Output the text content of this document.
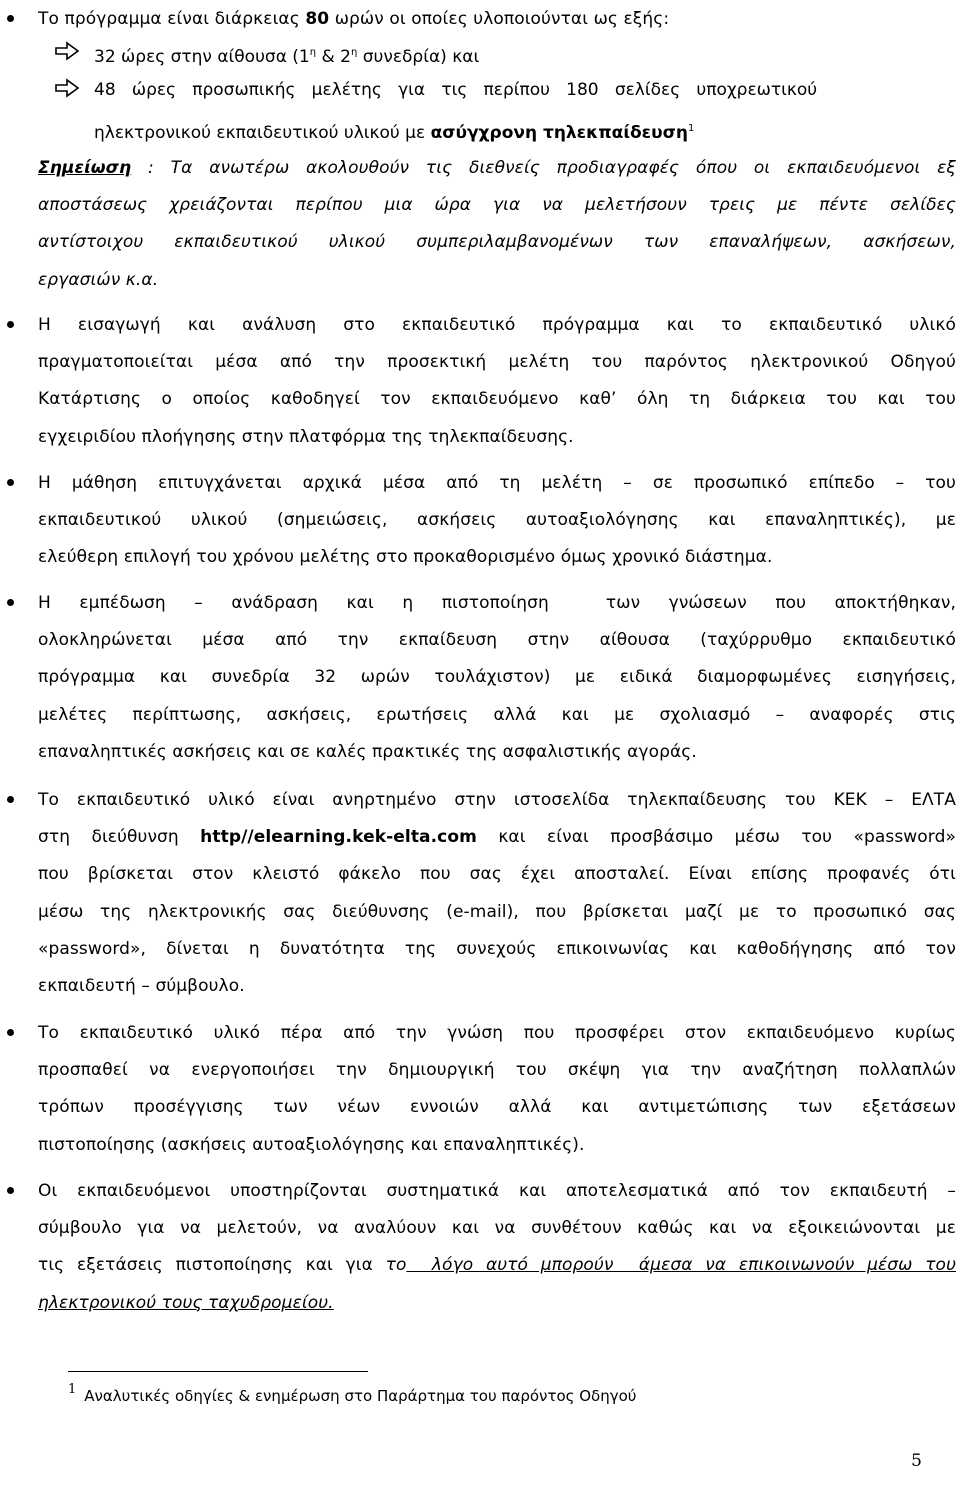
Το πρόγραμμα είναι διάρκειας 80 ωρών οι οποίες υλοποιούνται ως εξής:
32 ώρες στην αίθουσα ($1^\eta$ & $2^\eta$ συνεδρία) και
48   ώρες   προσωπικής   μελέτης   για   τις   περίπου   180   σελίδες   υποχρεωτικού
ηλεκτρονικού εκπαιδευτικού υλικού με ασύγχρονη τηλεκπαίδευση$^1$
Σημείωση : Τα ανωτέρω ακολουθούν τις διεθνείς προδιαγραφές όπου οι εκπαιδευόμενοι εξ
αποστάσεως χρειάζονται περίπου μια ώρα για να μελετήσουν τρεις με πέντε σελίδες
αντίστοιχου εκπαιδευτικού υλικού συμπεριλαμβανομένων των επαναλήψεων, ασκήσεων,
εργασιών κ.α.
Η εισαγωγή και ανάλυση στο εκπαιδευτικό πρόγραμμα και το εκπαιδευτικό υλικό
πραγματοποιείται μέσα από την προσεκτική μελέτη του παρόντος ηλεκτρονικού Οδηγού
Κατάρτισης ο οποίος καθοδηγεί τον εκπαιδευόμενο καθ’ όλη τη διάρκεια του και του
εγχειριδίου πλοήγησης στην πλατφόρμα της τηλεκπαίδευσης.
Η μάθηση επιτυγχάνεται αρχικά μέσα από τη μελέτη – σε προσωπικό επίπεδο – του
εκπαιδευτικού υλικού (σημειώσεις, ασκήσεις αυτοαξιολόγησης και επαναληπτικές), με
ελεύθερη επιλογή του χρόνου μελέτης στο προκαθορισμένο όμως χρονικό διάστημα.
Η εμπέδωση – ανάδραση και η πιστοποίηση  των γνώσεων που αποκτήθηκαν,
ολοκληρώνεται μέσα από την εκπαίδευση στην αίθουσα (ταχύρρυθμο εκπαιδευτικό
πρόγραμμα και συνεδρία 32 ωρών τουλάχιστον) με ειδικά διαμορφωμένες εισηγήσεις,
μελέτες περίπτωσης, ασκήσεις, ερωτήσεις αλλά και με σχολιασμό – αναφορές στις
επαναληπτικές ασκήσεις και σε καλές πρακτικές της ασφαλιστικής αγοράς.
Το εκπαιδευτικό υλικό είναι ανηρτημένο στην ιστοσελίδα τηλεκπαίδευσης του ΚΕΚ – ΕΛΤΑ
στη διεύθυνση http//elearning.kek-elta.com και είναι προσβάσιμο μέσω του «password»
που βρίσκεται στον κλειστό φάκελο που σας έχει αποσταλεί. Είναι επίσης προφανές ότι
μέσω της ηλεκτρονικής σας διεύθυνσης (e-mail), που βρίσκεται μαζί με το προσωπικό σας
«password», δίνεται η δυνατότητα της συνεχούς επικοινωνίας και καθοδήγησης από τον
εκπαιδευτή – σύμβουλο.
Το εκπαιδευτικό υλικό πέρα από την γνώση που προσφέρει στον εκπαιδευόμενο κυρίως
προσπαθεί να ενεργοποιήσει την δημιουργική του σκέψη για την αναζήτηση πολλαπλών
τρόπων προσέγγισης των νέων εννοιών αλλά και αντιμετώπισης των εξετάσεων
πιστοποίησης (ασκήσεις αυτοαξιολόγησης και επαναληπτικές).
Οι εκπαιδευόμενοι υποστηρίζονται συστηματικά και αποτελεσματικά από τον εκπαιδευτή –
σύμβουλο για να μελετούν, να αναλύουν και να συνθέτουν καθώς και να εξοικειώνονται με
τις εξετάσεις πιστοποίησης και για το  λόγο αυτό μπορούν  άμεσα να επικοινωνούν μέσω του
ηλεκτρονικού τους ταχυδρομείου.
$^1$ Αναλυτικές οδηγίες & ενημέρωση στο Παράρτημα του παρόντος Οδηγού
5
